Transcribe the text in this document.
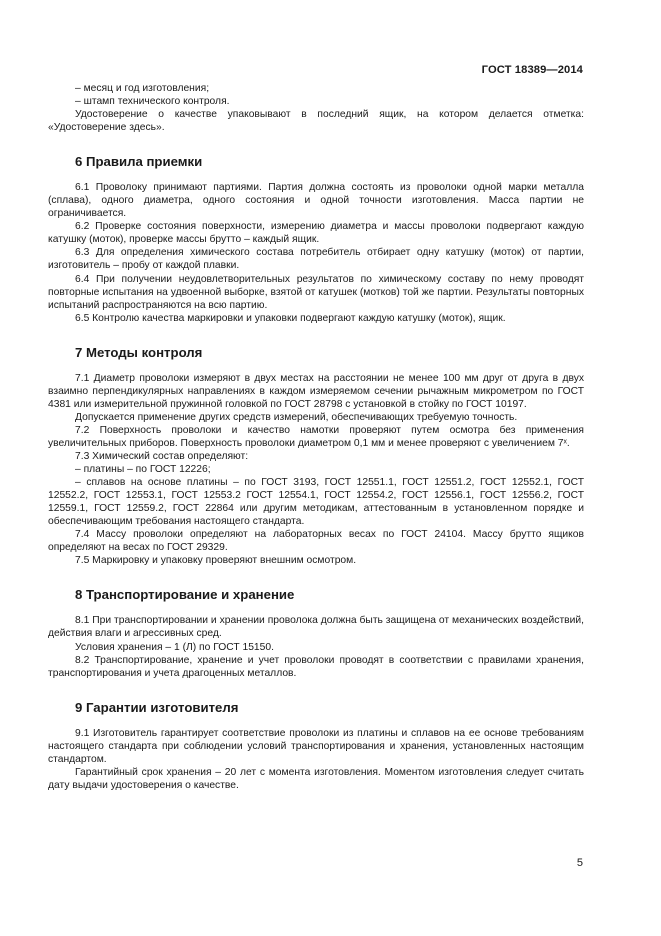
ГОСТ 18389—2014

– месяц и год изготовления;

– штамп технического контроля.

Удостоверение о качестве упаковывают в последний ящик, на котором делается отметка: «Удостоверение здесь».

6 Правила приемки

6.1 Проволоку принимают партиями. Партия должна состоять из проволоки одной марки металла (сплава), одного диаметра, одного состояния и одной точности изготовления. Масса партии не ограничивается.

6.2 Проверке состояния поверхности, измерению диаметра и массы проволоки подвергают каждую катушку (моток), проверке массы брутто – каждый ящик.

6.3 Для определения химического состава потребитель отбирает одну катушку (моток) от партии, изготовитель – пробу от каждой плавки.

6.4 При получении неудовлетворительных результатов по химическому составу по нему проводят повторные испытания на удвоенной выборке, взятой от катушек (мотков) той же партии. Результаты повторных испытаний распространяются на всю партию.

6.5 Контролю качества маркировки и упаковки подвергают каждую катушку (моток), ящик.

7 Методы контроля

7.1 Диаметр проволоки измеряют в двух местах на расстоянии не менее 100 мм друг от друга в двух взаимно перпендикулярных направлениях в каждом измеряемом сечении рычажным микрометром по ГОСТ 4381 или измерительной пружинной головкой по ГОСТ 28798 с установкой в стойку по ГОСТ 10197.

Допускается применение других средств измерений, обеспечивающих требуемую точность.

7.2 Поверхность проволоки и качество намотки проверяют путем осмотра без применения увеличительных приборов. Поверхность проволоки диаметром 0,1 мм и менее проверяют с увеличением 7ˣ.

7.3 Химический состав определяют:

– платины – по ГОСТ 12226;

– сплавов на основе платины – по ГОСТ 3193, ГОСТ 12551.1, ГОСТ 12551.2, ГОСТ 12552.1, ГОСТ 12552.2, ГОСТ 12553.1, ГОСТ 12553.2 ГОСТ 12554.1, ГОСТ 12554.2, ГОСТ 12556.1, ГОСТ 12556.2, ГОСТ 12559.1, ГОСТ 12559.2, ГОСТ 22864 или другим методикам, аттестованным в установленном порядке и обеспечивающим требования настоящего стандарта.

7.4 Массу проволоки определяют на лабораторных весах по ГОСТ 24104. Массу брутто ящиков определяют на весах по ГОСТ 29329.

7.5 Маркировку и упаковку проверяют внешним осмотром.

8 Транспортирование и хранение

8.1 При транспортировании и хранении проволока должна быть защищена от механических воздействий, действия влаги и агрессивных сред.

Условия хранения – 1 (Л) по ГОСТ 15150.

8.2 Транспортирование, хранение и учет проволоки проводят в соответствии с правилами хранения, транспортирования и учета драгоценных металлов.

9 Гарантии изготовителя

9.1 Изготовитель гарантирует соответствие проволоки из платины и сплавов на ее основе требованиям настоящего стандарта при соблюдении условий транспортирования и хранения, установленных настоящим стандартом.

Гарантийный срок хранения – 20 лет с момента изготовления. Моментом изготовления следует считать дату выдачи удостоверения о качестве.

5
